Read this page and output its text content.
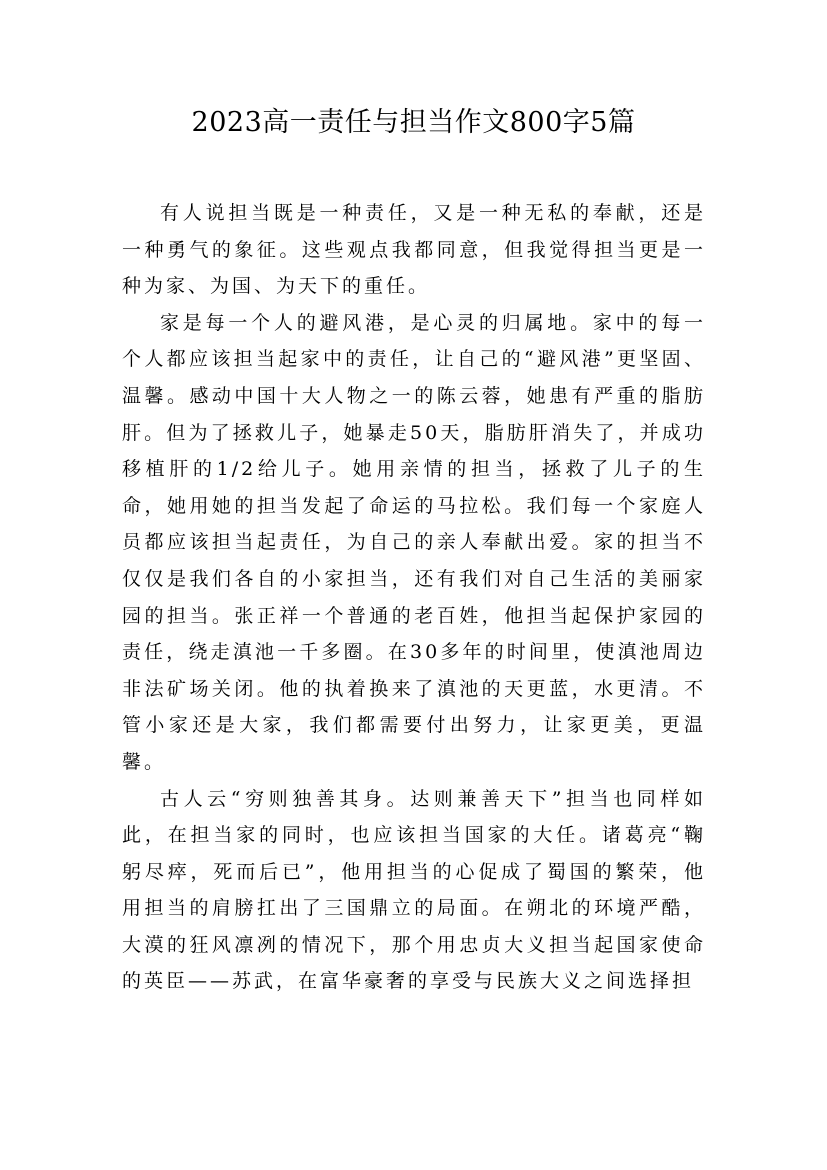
2023高一责任与担当作文800字5篇

有人说担当既是一种责任，又是一种无私的奉献，还是一种勇气的象征。这些观点我都同意，但我觉得担当更是一种为家、为国、为天下的重任。

家是每一个人的避风港，是心灵的归属地。家中的每一个人都应该担当起家中的责任，让自己的“避风港”更坚固、温馨。感动中国十大人物之一的陈云蓉，她患有严重的脂肪肝。但为了拯救儿子，她暴走50天，脂肪肝消失了，并成功移植肝的1/2给儿子。她用亲情的担当，拯救了儿子的生命，她用她的担当发起了命运的马拉松。我们每一个家庭人员都应该担当起责任，为自己的亲人奉献出爱。家的担当不仅仅是我们各自的小家担当，还有我们对自己生活的美丽家园的担当。张正祥一个普通的老百姓，他担当起保护家园的责任，绕走滇池一千多圈。在30多年的时间里，使滇池周边非法矿场关闭。他的执着换来了滇池的天更蓝，水更清。不管小家还是大家，我们都需要付出努力，让家更美，更温馨。

古人云“穷则独善其身。达则兼善天下”担当也同样如此，在担当家的同时，也应该担当国家的大任。诸葛亮“鞠躬尽瘁，死而后已”，他用担当的心促成了蜀国的繁荣，他用担当的肩膀扛出了三国鼎立的局面。在朔北的环境严酷，大漠的狂风凛冽的情况下，那个用忠贞大义担当起国家使命的英臣——苏武，在富华豪奢的享受与民族大义之间选择担
